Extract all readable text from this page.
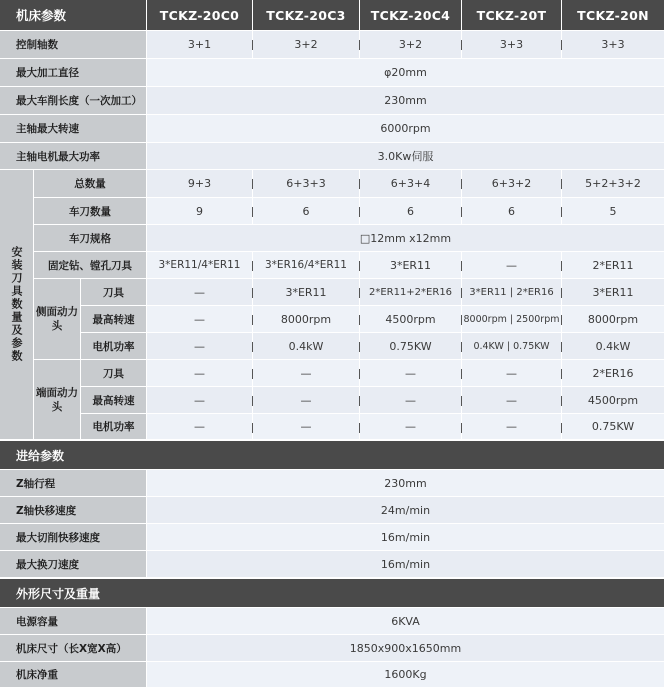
机床参数	TCKZ-20C0	TCKZ-20C3	TCKZ-20C4	TCKZ-20T	TCKZ-20N
控制轴数	3+1	3+2	3+2	3+3	3+3
最大加工直径	φ20mm
最大车削长度（一次加工）	230mm
主轴最大转速	6000rpm
主轴电机最大功率	3.0Kw伺服
安装刀具数量及参数
总数量	9+3	6+3+3	6+3+4	6+3+2	5+2+3+2
车刀数量	9	6	6	6	5
车刀规格	□12mm x12mm
固定钻、镗孔刀具	3*ER11/4*ER11	3*ER16/4*ER11	3*ER11	—	2*ER11
侧面动力头
刀具	—	3*ER11	2*ER11+2*ER16	3*ER11 | 2*ER16	3*ER11
最高转速	—	8000rpm	4500rpm	8000rpm | 2500rpm	8000rpm
电机功率	—	0.4kW	0.75KW	0.4KW | 0.75KW	0.4kW
端面动力头
刀具	—	—	—	—	2*ER16
最高转速	—	—	—	—	4500rpm
电机功率	—	—	—	—	0.75KW
进给参数
Z轴行程	230mm
Z轴快移速度	24m/min
最大切削快移速度	16m/min
最大换刀速度	16m/min
外形尺寸及重量
电源容量	6KVA
机床尺寸（长X宽X高）	1850x900x1650mm
机床净重	1600Kg
